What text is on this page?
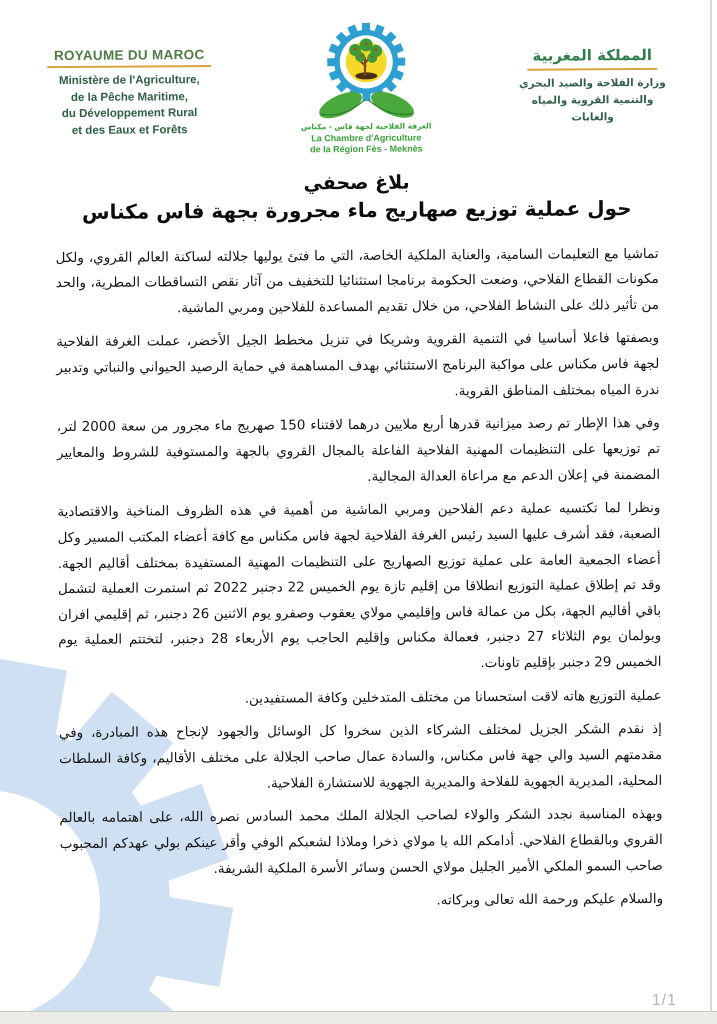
ROYAUME DU MAROC
Ministère de l'Agriculture,
de la Pêche Maritime,
du Développement Rural
et des Eaux et Forêts	الغرفة الفلاحية لجهة فاس - مكناس
La Chambre d'Agriculture
de la Région Fès - Meknès
المملكة المغربية
وزارة الفلاحة والصيد البحري
والتنمية القروية والمياه
والغابات
بلاغ صحفي
حول عملية توزيع صهاريج ماء مجرورة بجهة فاس مكناس

تماشيا مع التعليمات السامية، والعناية الملكية الخاصة، التي ما فتئ يوليها جلالته لساكنة العالم القروي، ولكل مكونات القطاع الفلاحي، وضعت الحكومة برنامجا استثنائيا للتخفيف من آثار نقص التساقطات المطرية، والحد من تأثير ذلك على النشاط الفلاحي، من خلال تقديم المساعدة للفلاحين ومربي الماشية.

وبصفتها فاعلا أساسيا في التنمية القروية وشريكا في تنزيل مخطط الجيل الأخضر، عملت الغرفة الفلاحية لجهة فاس مكناس على مواكبة البرنامج الاستثنائي بهدف المساهمة في حماية الرصيد الحيواني والنباتي وتدبير ندرة المياه بمختلف المناطق القروية.

وفي هذا الإطار تم رصد ميزانية قدرها أربع ملايين درهما لاقتناء 150 صهريج ماء مجرور من سعة 2000 لتر، تم توزيعها على التنظيمات المهنية الفلاحية الفاعلة بالمجال القروي بالجهة والمستوفية للشروط والمعايير المضمنة في إعلان الدعم مع مراعاة العدالة المجالية.

ونظرا لما تكتسيه عملية دعم الفلاحين ومربي الماشية من أهمية في هذه الظروف المناخية والاقتصادية الصعبة، فقد أشرف عليها السيد رئيس الغرفة الفلاحية لجهة فاس مكناس مع كافة أعضاء المكتب المسير وكل أعضاء الجمعية العامة على عملية توزيع الصهاريج على التنظيمات المهنية المستفيدة بمختلف أقاليم الجهة. وقد تم إطلاق عملية التوزيع انطلاقا من إقليم تازة يوم الخميس 22 دجنبر 2022 ثم استمرت العملية لتشمل باقي أقاليم الجهة، بكل من عمالة فاس وإقليمي مولاي يعقوب وصفرو يوم الاثنين 26 دجنبر، ثم إقليمي افران وبولمان يوم الثلاثاء 27 دجنبر، فعمالة مكناس وإقليم الحاجب يوم الأربعاء 28 دجنبر، لتختتم العملية يوم الخميس 29 دجنبر بإقليم تاونات.

عملية التوزيع هاته لاقت استحسانا من مختلف المتدخلين وكافة المستفيدين.

إذ نقدم الشكر الجزيل لمختلف الشركاء الذين سخروا كل الوسائل والجهود لإنجاح هذه المبادرة، وفي مقدمتهم السيد والي جهة فاس مكناس، والسادة عمال صاحب الجلالة على مختلف الأقاليم، وكافة السلطات المحلية، المديرية الجهوية للفلاحة والمديرية الجهوية للاستشارة الفلاحية.

وبهذه المناسبة نجدد الشكر والولاء لصاحب الجلالة الملك محمد السادس نصره الله، على اهتمامه بالعالم القروي وبالقطاع الفلاحي. أدامكم الله يا مولاي ذخرا وملاذا لشعبكم الوفي وأقر عينكم بولي عهدكم المحبوب صاحب السمو الملكي الأمير الجليل مولاي الحسن وسائر الأسرة الملكية الشريفة.

والسلام عليكم ورحمة الله تعالى وبركاته.

1/1
